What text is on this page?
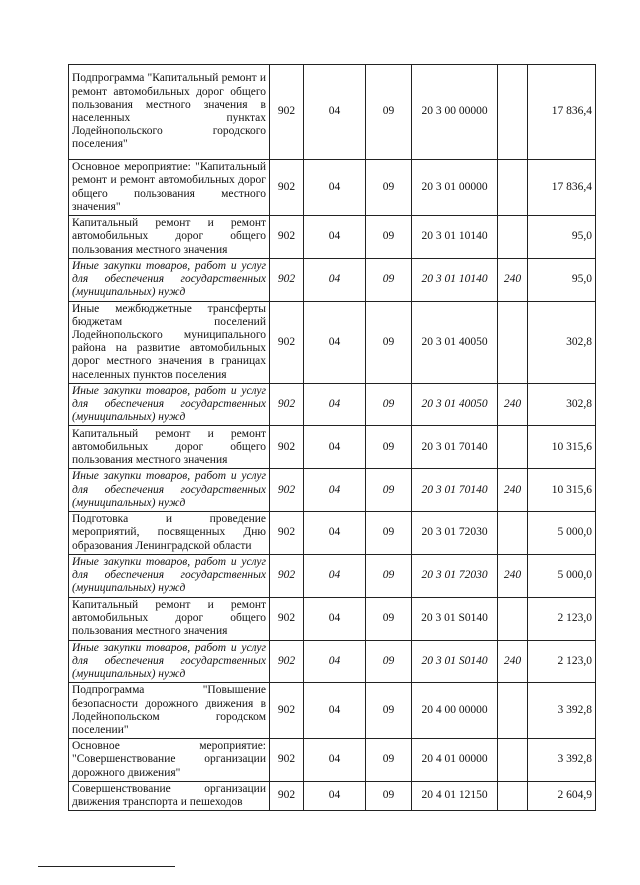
Подпрограмма "Капитальный ремонт и ремонт автомобильных дорог общего пользования местного значения в населенных пунктах Лодейнопольского городского поселения"	902	04	09	20 3 00 00000		17 836,4
Основное мероприятие: "Капитальный ремонт и ремонт автомобильных дорог общего пользования местного значения"	902	04	09	20 3 01 00000		17 836,4
Капитальный ремонт и ремонт автомобильных дорог общего пользования местного значения	902	04	09	20 3 01 10140		95,0
Иные закупки товаров, работ и услуг для обеспечения государственных (муниципальных) нужд	902	04	09	20 3 01 10140	240	95,0
Иные межбюджетные трансферты бюджетам поселений Лодейнопольского муниципального района на развитие автомобильных дорог местного значения в границах населенных пунктов поселения	902	04	09	20 3 01 40050		302,8
Иные закупки товаров, работ и услуг для обеспечения государственных (муниципальных) нужд	902	04	09	20 3 01 40050	240	302,8
Капитальный ремонт и ремонт автомобильных дорог общего пользования местного значения	902	04	09	20 3 01 70140		10 315,6
Иные закупки товаров, работ и услуг для обеспечения государственных (муниципальных) нужд	902	04	09	20 3 01 70140	240	10 315,6
Подготовка и проведение мероприятий, посвященных Дню образования Ленинградской области	902	04	09	20 3 01 72030		5 000,0
Иные закупки товаров, работ и услуг для обеспечения государственных (муниципальных) нужд	902	04	09	20 3 01 72030	240	5 000,0
Капитальный ремонт и ремонт автомобильных дорог общего пользования местного значения	902	04	09	20 3 01 S0140		2 123,0
Иные закупки товаров, работ и услуг для обеспечения государственных (муниципальных) нужд	902	04	09	20 3 01 S0140	240	2 123,0
Подпрограмма "Повышение безопасности дорожного движения в Лодейнопольском городском поселении"	902	04	09	20 4 00 00000		3 392,8
Основное мероприятие: "Совершенствование организации дорожного движения"	902	04	09	20 4 01 00000		3 392,8
Совершенствование организации движения транспорта и пешеходов	902	04	09	20 4 01 12150		2 604,9
